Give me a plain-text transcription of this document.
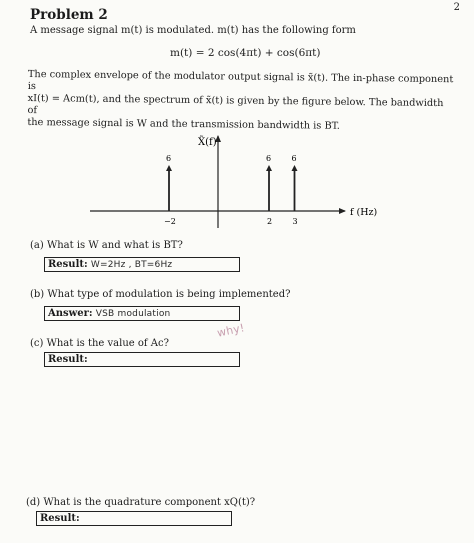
2
Problem 2
A message signal m(t) is modulated. m(t) has the following form
m(t) = 2 cos(4πt) + cos(6πt)
The complex envelope of the modulator output signal is x̃(t). The in-phase component is
xI(t) = Acm(t), and the spectrum of x̃(t) is given by the figure below. The bandwidth of
the message signal is W and the transmission bandwidth is BT.
X̃(f)
f (Hz)
6
−2
6
2
6
3
(a) What is W and what is BT?
Result: W=2Hz , BT=6Hz
(b) What type of modulation is being implemented?
Answer: VSB modulation
why!
(c) What is the value of Ac?
Result:
(d) What is the quadrature component xQ(t)?
Result:
